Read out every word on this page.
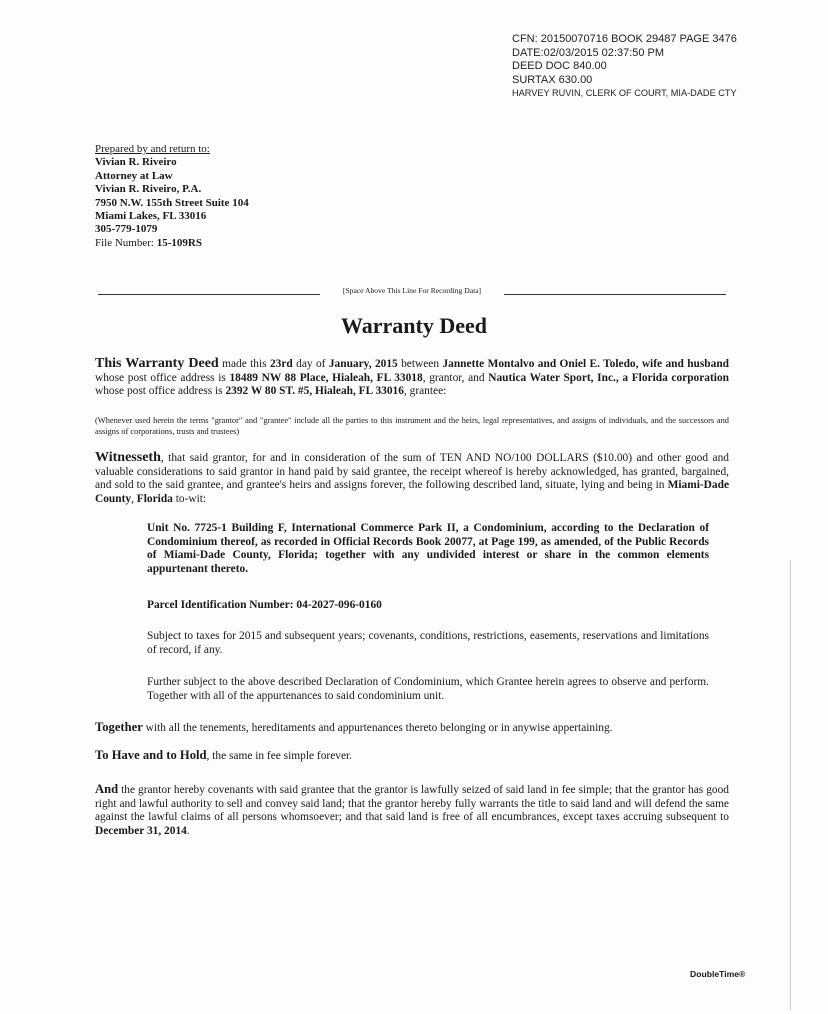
CFN: 20150070716 BOOK 29487 PAGE 3476
DATE:02/03/2015 02:37:50 PM
DEED DOC 840.00
SURTAX 630.00
HARVEY RUVIN, CLERK OF COURT, MIA-DADE CTY
Prepared by and return to:
Vivian R. Riveiro
Attorney at Law
Vivian R. Riveiro, P.A.
7950 N.W. 155th Street Suite 104
Miami Lakes, FL 33016
305-779-1079
File Number: 15-109RS
[Space Above This Line For Recording Data]
Warranty Deed
This Warranty Deed made this 23rd day of January, 2015 between Jannette Montalvo and Oniel E. Toledo, wife and husband whose post office address is 18489 NW 88 Place, Hialeah, FL 33018, grantor, and Nautica Water Sport, Inc., a Florida corporation whose post office address is 2392 W 80 ST. #5, Hialeah, FL 33016, grantee:
(Whenever used herein the terms "grantor" and "grantee" include all the parties to this instrument and the heirs, legal representatives, and assigns of individuals, and the successors and assigns of corporations, trusts and trustees)
Witnesseth, that said grantor, for and in consideration of the sum of TEN AND NO/100 DOLLARS ($10.00) and other good and valuable considerations to said grantor in hand paid by said grantee, the receipt whereof is hereby acknowledged, has granted, bargained, and sold to the said grantee, and grantee's heirs and assigns forever, the following described land, situate, lying and being in Miami-Dade County, Florida to-wit:
Unit No. 7725-1 Building F, International Commerce Park II, a Condominium, according to the Declaration of Condominium thereof, as recorded in Official Records Book 20077, at Page 199, as amended, of the Public Records of Miami-Dade County, Florida; together with any undivided interest or share in the common elements appurtenant thereto.
Parcel Identification Number: 04-2027-096-0160
Subject to taxes for 2015 and subsequent years; covenants, conditions, restrictions, easements, reservations and limitations of record, if any.
Further subject to the above described Declaration of Condominium, which Grantee herein agrees to observe and perform. Together with all of the appurtenances to said condominium unit.
Together with all the tenements, hereditaments and appurtenances thereto belonging or in anywise appertaining.
To Have and to Hold, the same in fee simple forever.
And the grantor hereby covenants with said grantee that the grantor is lawfully seized of said land in fee simple; that the grantor has good right and lawful authority to sell and convey said land; that the grantor hereby fully warrants the title to said land and will defend the same against the lawful claims of all persons whomsoever; and that said land is free of all encumbrances, except taxes accruing subsequent to December 31, 2014.
DoubleTime®
